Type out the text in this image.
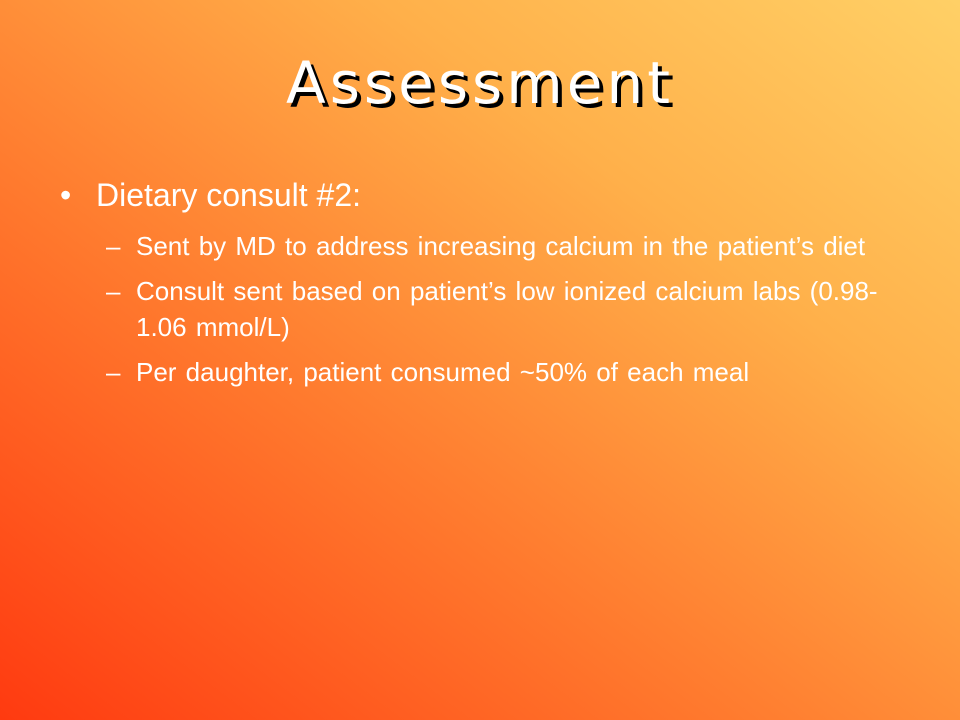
Assessment
• Dietary consult #2:
– Sent by MD to address increasing calcium in the patient’s diet
– Consult sent based on patient’s low ionized calcium labs (0.98-1.06 mmol/L)
– Per daughter, patient consumed ~50% of each meal
